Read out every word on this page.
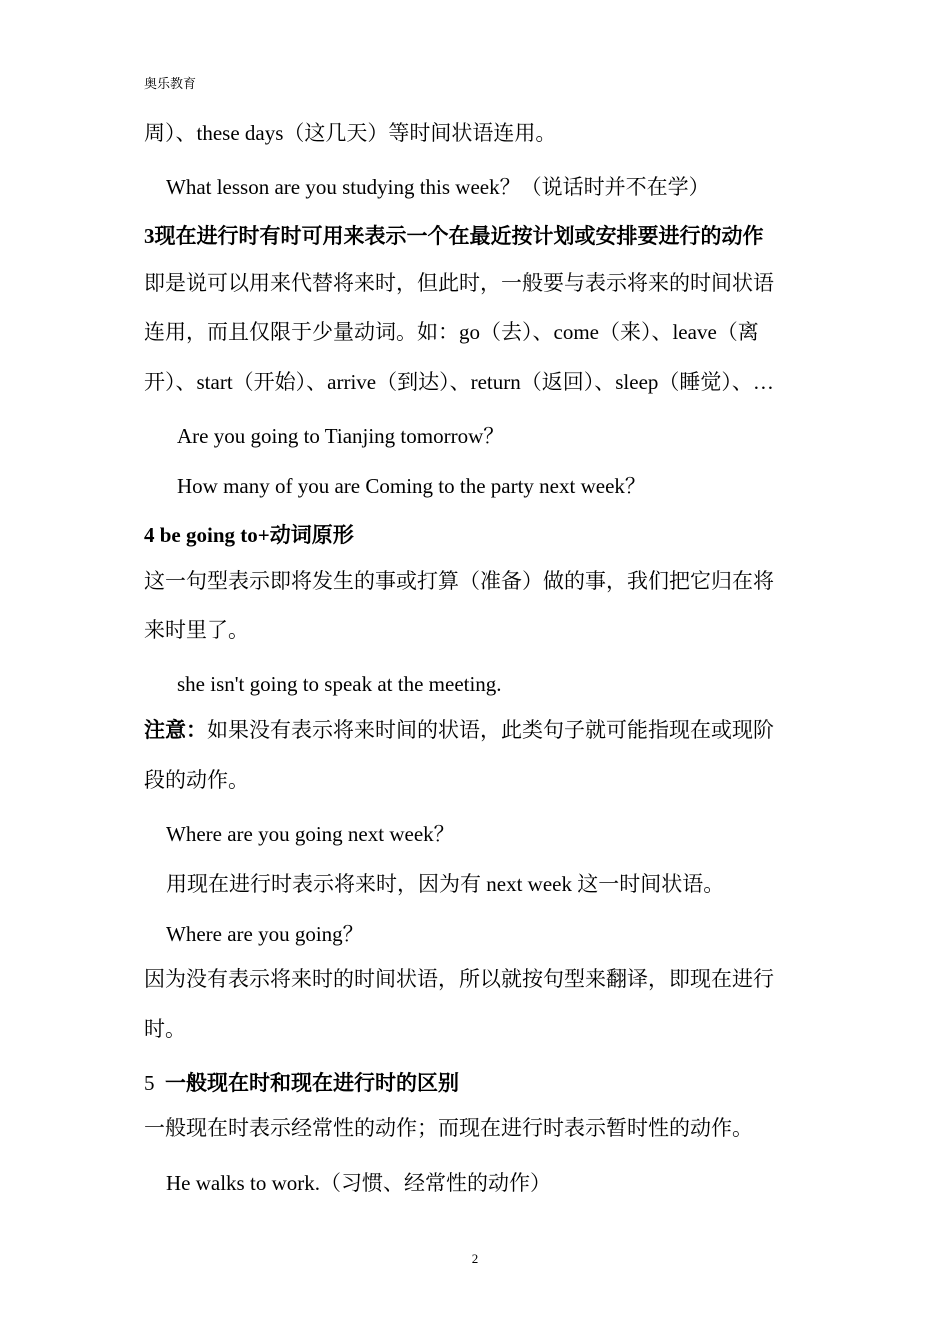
奥乐教育
周）、these days（这几天）等时间状语连用。
What lesson are you studying this week？（说话时并不在学）
3现在进行时有时可用来表示一个在最近按计划或安排要进行的动作
即是说可以用来代替将来时，但此时，一般要与表示将来的时间状语
连用，而且仅限于少量动词。如：go（去）、come（来）、leave（离
开）、start（开始）、arrive（到达）、return（返回）、sleep（睡觉）、…
Are you going to Tianjing tomorrow？
How many of you are Coming to the party next week？
4 be going to+动词原形
这一句型表示即将发生的事或打算（准备）做的事，我们把它归在将
来时里了。
she isn't going to speak at the meeting.
注意：如果没有表示将来时间的状语，此类句子就可能指现在或现阶
段的动作。
Where are you going next week？
用现在进行时表示将来时，因为有 next week 这一时间状语。
Where are you going？
因为没有表示将来时的时间状语，所以就按句型来翻译，即现在进行
时。
5 一般现在时和现在进行时的区别
一般现在时表示经常性的动作；而现在进行时表示暂时性的动作。
He walks to work.（习惯、经常性的动作）
2
